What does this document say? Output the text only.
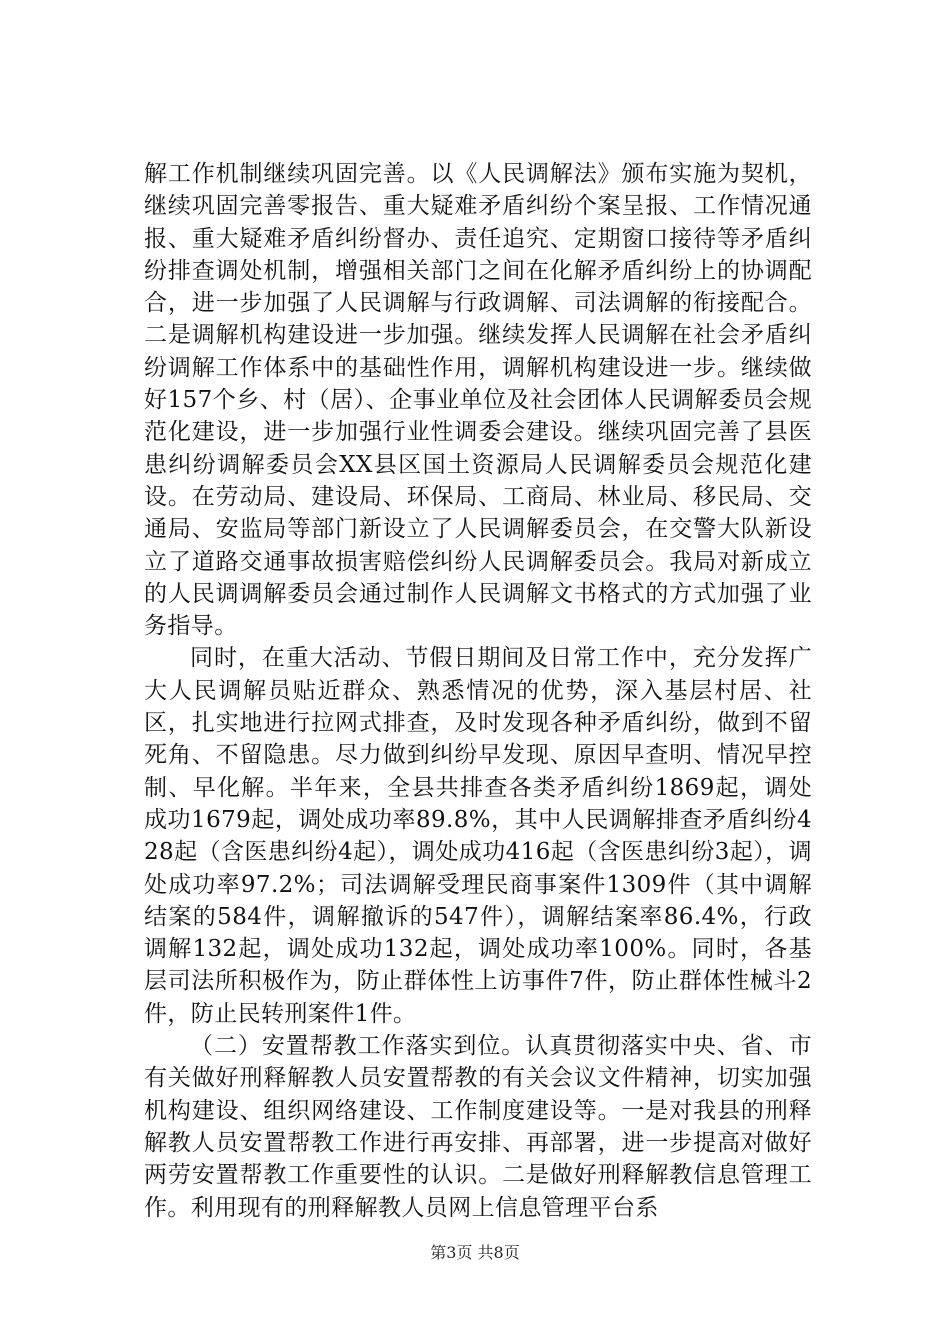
解工作机制继续巩固完善。以《人民调解法》颁布实施为契机，继续巩固完善零报告、重大疑难矛盾纠纷个案呈报、工作情况通报、重大疑难矛盾纠纷督办、责任追究、定期窗口接待等矛盾纠纷排查调处机制，增强相关部门之间在化解矛盾纠纷上的协调配合，进一步加强了人民调解与行政调解、司法调解的衔接配合。二是调解机构建设进一步加强。继续发挥人民调解在社会矛盾纠纷调解工作体系中的基础性作用，调解机构建设进一步。继续做好157个乡、村（居）、企事业单位及社会团体人民调解委员会规范化建设，进一步加强行业性调委会建设。继续巩固完善了县医患纠纷调解委员会XX县区国土资源局人民调解委员会规范化建设。在劳动局、建设局、环保局、工商局、林业局、移民局、交通局、安监局等部门新设立了人民调解委员会，在交警大队新设立了道路交通事故损害赔偿纠纷人民调解委员会。我局对新成立的人民调调解委员会通过制作人民调解文书格式的方式加强了业务指导。

同时，在重大活动、节假日期间及日常工作中，充分发挥广大人民调解员贴近群众、熟悉情况的优势，深入基层村居、社区，扎实地进行拉网式排查，及时发现各种矛盾纠纷，做到不留死角、不留隐患。尽力做到纠纷早发现、原因早查明、情况早控制、早化解。半年来，全县共排查各类矛盾纠纷1869起，调处成功1679起，调处成功率89.8%，其中人民调解排查矛盾纠纷428起（含医患纠纷4起），调处成功416起（含医患纠纷3起），调处成功率97.2%；司法调解受理民商事案件1309件（其中调解结案的584件，调解撤诉的547件），调解结案率86.4%，行政调解132起，调处成功132起，调处成功率100%。同时，各基层司法所积极作为，防止群体性上访事件7件，防止群体性械斗2件，防止民转刑案件1件。

（二）安置帮教工作落实到位。认真贯彻落实中央、省、市有关做好刑释解教人员安置帮教的有关会议文件精神，切实加强机构建设、组织网络建设、工作制度建设等。一是对我县的刑释解教人员安置帮教工作进行再安排、再部署，进一步提高对做好两劳安置帮教工作重要性的认识。二是做好刑释解教信息管理工作。利用现有的刑释解教人员网上信息管理平台系

第3页 共8页
